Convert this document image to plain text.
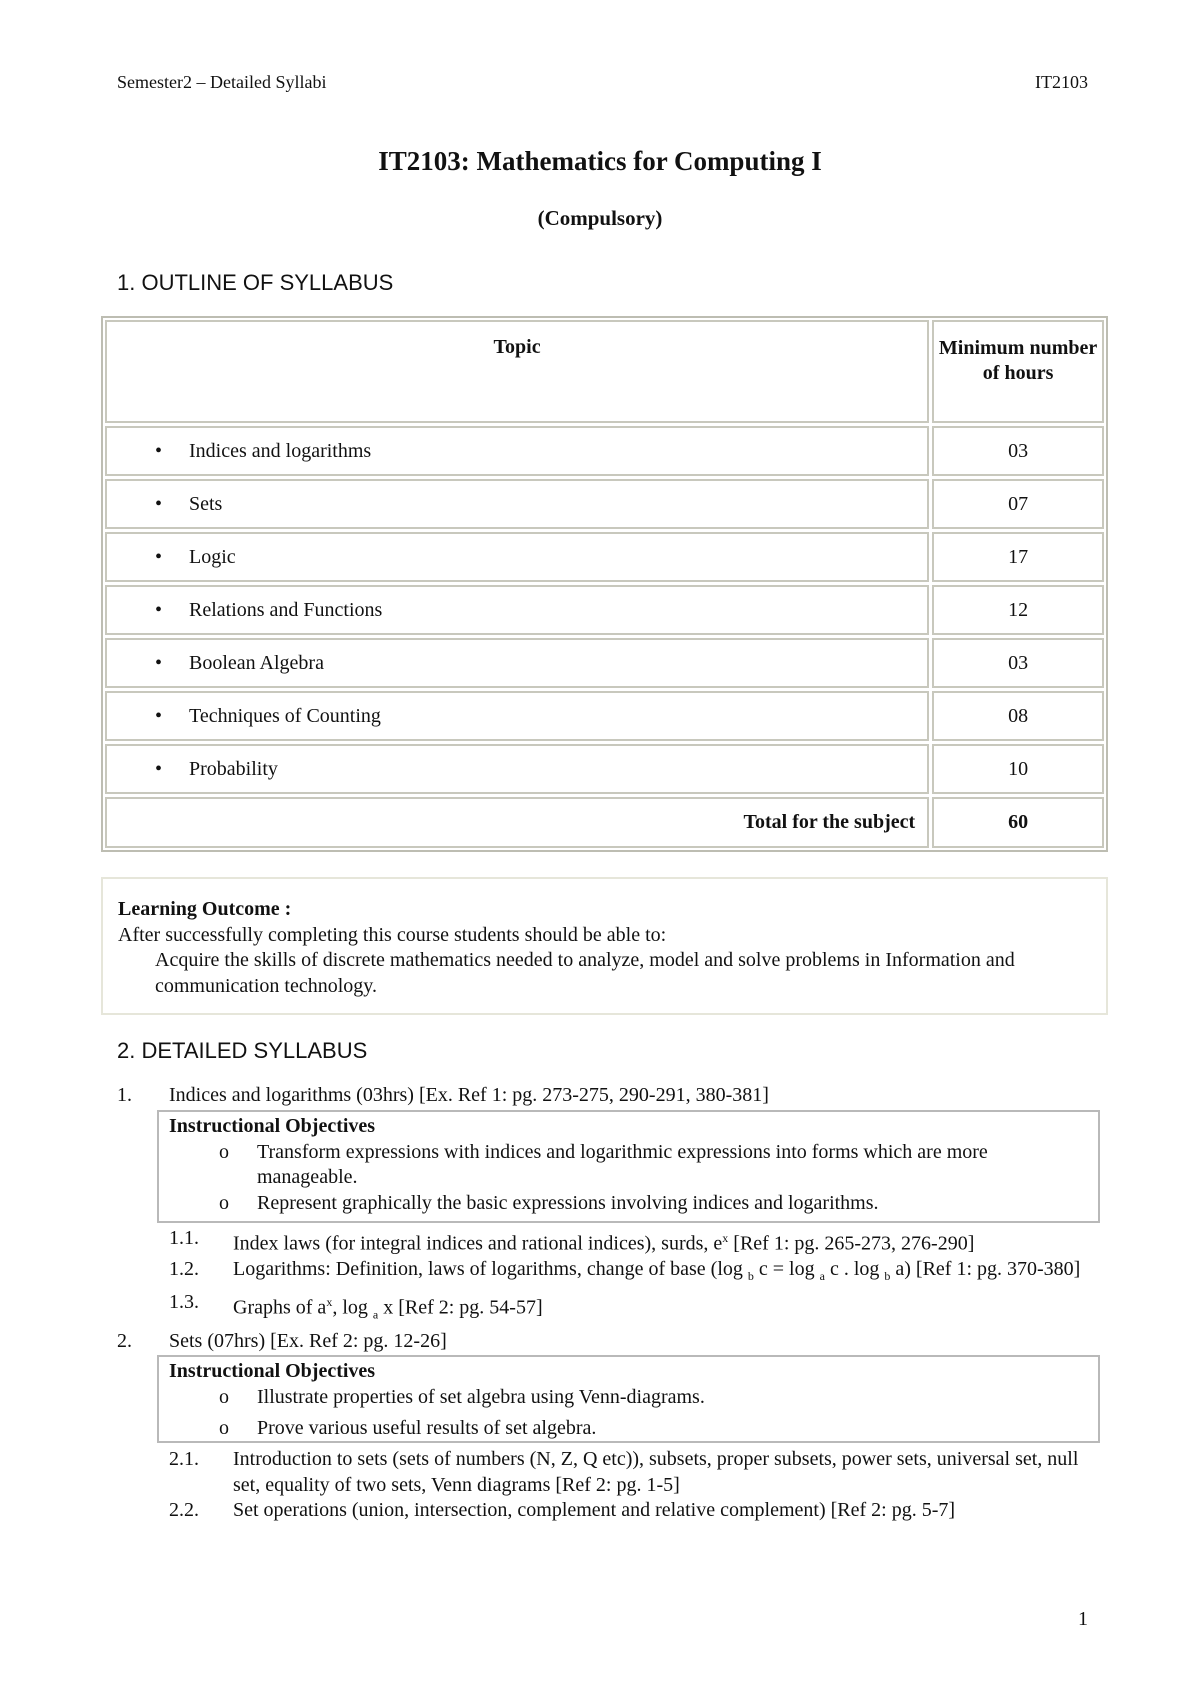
Semester2 – Detailed Syllabi	IT2103
IT2103: Mathematics for Computing I
(Compulsory)
1. OUTLINE OF SYLLABUS
Topic	Minimum number of hours
• Indices and logarithms	03
• Sets	07
• Logic	17
• Relations and Functions	12
• Boolean Algebra	03
• Techniques of Counting	08
• Probability	10
Total for the subject	60
Learning Outcome :
After successfully completing this course students should be able to:
Acquire the skills of discrete mathematics needed to analyze, model and solve problems in Information and communication technology.
2. DETAILED SYLLABUS
1. Indices and logarithms (03hrs) [Ex. Ref 1: pg. 273-275, 290-291, 380-381]
Instructional Objectives
o	Transform expressions with indices and logarithmic expressions into forms which are more manageable.
o	Represent graphically the basic expressions involving indices and logarithms.
1.1.	Index laws (for integral indices and rational indices), surds, $e^x$ [Ref 1: pg. 265-273, 276-290]
1.2.	Logarithms: Definition, laws of logarithms, change of base (log $_b$ c = log $_a$ c . log $_b$ a) [Ref 1: pg. 370-380]
1.3.	Graphs of $a^x$, log $_a$ x [Ref 2: pg. 54-57]
2. Sets (07hrs) [Ex. Ref 2: pg. 12-26]
Instructional Objectives
o	Illustrate properties of set algebra using Venn-diagrams.
o	Prove various useful results of set algebra.
2.1.	Introduction to sets (sets of numbers (N, Z, Q etc)), subsets, proper subsets, power sets, universal set, null set, equality of two sets, Venn diagrams [Ref 2: pg. 1-5]
2.2.	Set operations (union, intersection, complement and relative complement) [Ref 2: pg. 5-7]
1
